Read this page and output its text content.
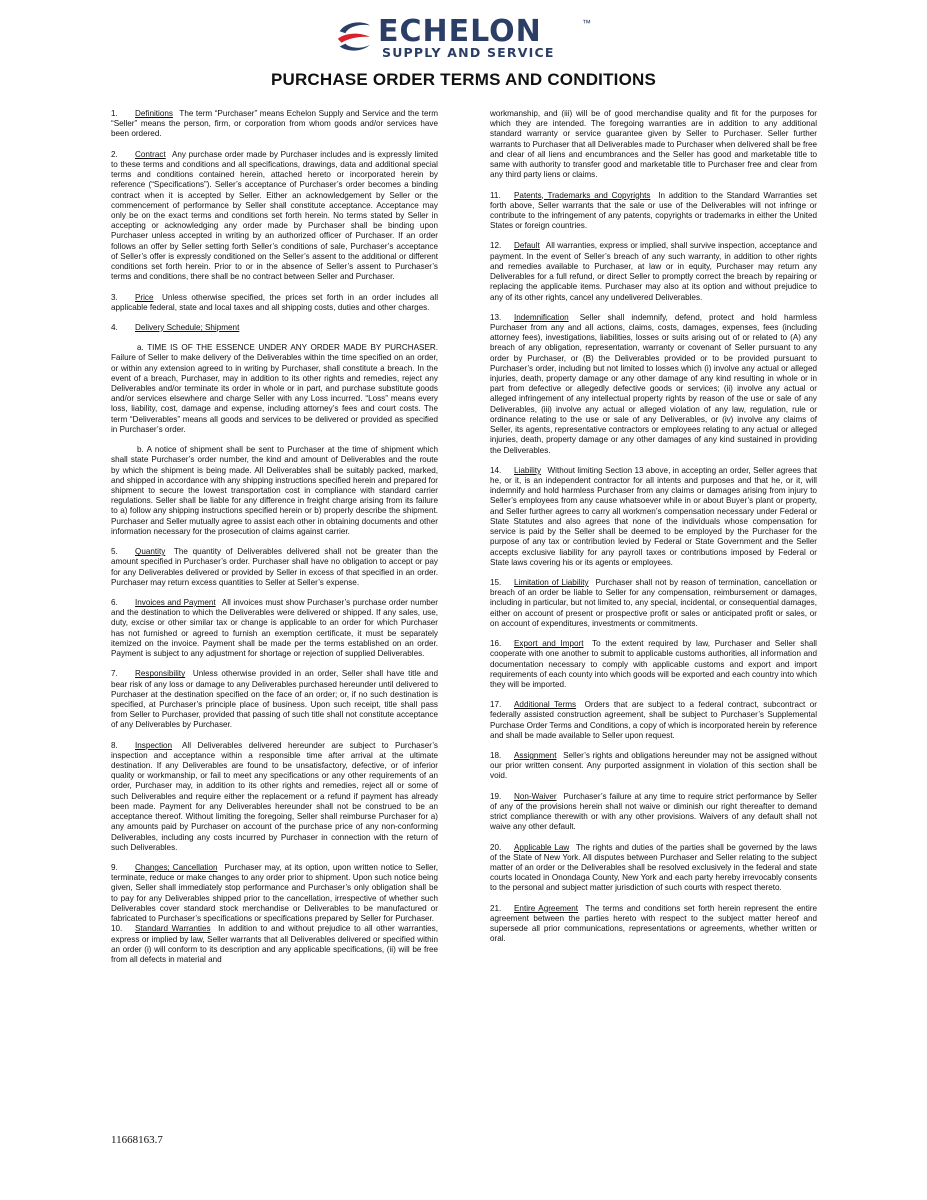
ECHELON	™
SUPPLY AND SERVICE
PURCHASE ORDER TERMS AND CONDITIONS

1. Definitions The term “Purchaser” means Echelon Supply and Service and the term “Seller” means the person, firm, or corporation from whom goods and/or services have been ordered.

2. Contract Any purchase order made by Purchaser includes and is expressly limited to these terms and conditions and all specifications, drawings, data and additional special terms and conditions contained herein, attached hereto or incorporated herein by reference (“Specifications”). Seller’s acceptance of Purchaser’s order becomes a binding contract when it is accepted by Seller. Either an acknowledgement by Seller or the commencement of performance by Seller shall constitute acceptance. Acceptance may only be on the exact terms and conditions set forth herein. No terms stated by Seller in accepting or acknowledging any order made by Purchaser shall be binding upon Purchaser unless accepted in writing by an authorized officer of Purchaser. If an order follows an offer by Seller setting forth Seller’s conditions of sale, Purchaser’s acceptance of Seller’s offer is expressly conditioned on the Seller’s assent to the additional or different conditions set forth herein. Prior to or in the absence of Seller’s assent to Purchaser’s terms and conditions, there shall be no contract between Seller and Purchaser.

3. Price Unless otherwise specified, the prices set forth in an order includes all applicable federal, state and local taxes and all shipping costs, duties and other charges.

4. Delivery Schedule; Shipment

a. TIME IS OF THE ESSENCE UNDER ANY ORDER MADE BY PURCHASER. Failure of Seller to make delivery of the Deliverables within the time specified on an order, or within any extension agreed to in writing by Purchaser, shall constitute a breach. In the event of a breach, Purchaser, may in addition to its other rights and remedies, reject any Deliverables and/or terminate its order in whole or in part, and purchase substitute goods and/or services elsewhere and charge Seller with any Loss incurred. “Loss” means every loss, liability, cost, damage and expense, including attorney’s fees and court costs. The term “Deliverables” means all goods and services to be delivered or provided as specified in Purchaser’s order.

b. A notice of shipment shall be sent to Purchaser at the time of shipment which shall state Purchaser’s order number, the kind and amount of Deliverables and the route by which the shipment is being made. All Deliverables shall be suitably packed, marked, and shipped in accordance with any shipping instructions specified herein and prepared for shipment to secure the lowest transportation cost in compliance with standard carrier regulations. Seller shall be liable for any difference in freight charge arising from its failure to a) follow any shipping instructions specified herein or b) properly describe the shipment. Purchaser and Seller mutually agree to assist each other in obtaining documents and other information necessary for the prosecution of claims against carrier.

5. Quantity The quantity of Deliverables delivered shall not be greater than the amount specified in Purchaser’s order. Purchaser shall have no obligation to accept or pay for any Deliverables delivered or provided by Seller in excess of that specified in an order. Purchaser may return excess quantities to Seller at Seller’s expense.

6. Invoices and Payment All invoices must show Purchaser’s purchase order number and the destination to which the Deliverables were delivered or shipped. If any sales, use, duty, excise or other similar tax or change is applicable to an order for which Purchaser has not furnished or agreed to furnish an exemption certificate, it must be separately itemized on the invoice. Payment shall be made per the terms established on an order. Payment is subject to any adjustment for shortage or rejection of supplied Deliverables.

7. Responsibility Unless otherwise provided in an order, Seller shall have title and bear risk of any loss or damage to any Deliverables purchased hereunder until delivered to Purchaser at the destination specified on the face of an order; or, if no such destination is specified, at Purchaser’s principle place of business. Upon such receipt, title shall pass from Seller to Purchaser, provided that passing of such title shall not constitute acceptance of any Deliverables by Purchaser.

8. Inspection All Deliverables delivered hereunder are subject to Purchaser’s inspection and acceptance within a responsible time after arrival at the ultimate destination. If any Deliverables are found to be unsatisfactory, defective, or of inferior quality or workmanship, or fail to meet any specifications or any other requirements of an order, Purchaser may, in addition to its other rights and remedies, reject all or some of such Deliverables and require either the replacement or a refund if payment has already been made. Payment for any Deliverables hereunder shall not be construed to be an acceptance thereof. Without limiting the foregoing, Seller shall reimburse Purchaser for a) any amounts paid by Purchaser on account of the purchase price of any non-conforming Deliverables, including any costs incurred by Purchaser in connection with the return of such Deliverables.

9. Changes; Cancellation Purchaser may, at its option, upon written notice to Seller, terminate, reduce or make changes to any order prior to shipment. Upon such notice being given, Seller shall immediately stop performance and Purchaser’s only obligation shall be to pay for any Deliverables shipped prior to the cancellation, irrespective of whether such Deliverables cover standard stock merchandise or Deliverables to be manufactured or fabricated to Purchaser’s specifications or specifications prepared by Seller for Purchaser.

10. Standard Warranties In addition to and without prejudice to all other warranties, express or implied by law, Seller warrants that all Deliverables delivered or specified within an order (i) will conform to its description and any applicable specifications, (ii) will be free from all defects in material and

workmanship, and (iii) will be of good merchandise quality and fit for the purposes for which they are intended. The foregoing warranties are in addition to any additional standard warranty or service guarantee given by Seller to Purchaser. Seller further warrants to Purchaser that all Deliverables made to Purchaser when delivered shall be free and clear of all liens and encumbrances and the Seller has good and marketable title to same with authority to transfer good and marketable title to Purchaser free and clear from any third party liens or claims.

11. Patents, Trademarks and Copyrights In addition to the Standard Warranties set forth above, Seller warrants that the sale or use of the Deliverables will not infringe or contribute to the infringement of any patents, copyrights or trademarks in either the United States or foreign countries.

12. Default All warranties, express or implied, shall survive inspection, acceptance and payment. In the event of Seller’s breach of any such warranty, in addition to other rights and remedies available to Purchaser, at law or in equity, Purchaser may return any Deliverables for a full refund, or direct Seller to promptly correct the breach by repairing or replacing the applicable items. Purchaser may also at its option and without prejudice to any of its other rights, cancel any undelivered Deliverables.

13. Indemnification Seller shall indemnify, defend, protect and hold harmless Purchaser from any and all actions, claims, costs, damages, expenses, fees (including attorney fees), investigations, liabilities, losses or suits arising out of or related to (A) any breach of any obligation, representation, warranty or covenant of Seller pursuant to any order by Purchaser, or (B) the Deliverables provided or to be provided pursuant to Purchaser’s order, including but not limited to losses which (i) involve any actual or alleged injuries, death, property damage or any other damage of any kind resulting in whole or in part from defective or allegedly defective goods or services; (ii) involve any actual or alleged infringement of any intellectual property rights by reason of the use or sale of any Deliverables, (iii) involve any actual or alleged violation of any law, regulation, rule or ordinance relating to the use or sale of any Deliverables, or (iv) involve any claims of Seller, its agents, representative contractors or employees relating to any actual or alleged injuries, death, property damage or any other damages of any kind sustained in providing the Deliverables.

14. Liability Without limiting Section 13 above, in accepting an order, Seller agrees that he, or it, is an independent contractor for all intents and purposes and that he, or it, will indemnify and hold harmless Purchaser from any claims or damages arising from injury to Seller’s employees from any cause whatsoever while in or about Buyer’s plant or property, and Seller further agrees to carry all workmen’s compensation necessary under Federal or State Statutes and also agrees that none of the individuals whose compensation for service is paid by the Seller shall be deemed to be employed by the Purchaser for the purpose of any tax or contribution levied by Federal or State Government and the Seller accepts exclusive liability for any payroll taxes or contributions imposed by Federal or State laws covering his or its agents or employees.

15. Limitation of Liability Purchaser shall not by reason of termination, cancellation or breach of an order be liable to Seller for any compensation, reimbursement or damages, including in particular, but not limited to, any special, incidental, or consequential damages, either on account of present or prospective profit or sales or anticipated profit or sales, or on account of expenditures, investments or commitments.

16. Export and Import To the extent required by law, Purchaser and Seller shall cooperate with one another to submit to applicable customs authorities, all information and documentation necessary to comply with applicable customs and export and import requirements of each county into which goods will be exported and each country into which they will be imported.

17. Additional Terms Orders that are subject to a federal contract, subcontract or federally assisted construction agreement, shall be subject to Purchaser’s Supplemental Purchase Order Terms and Conditions, a copy of which is incorporated herein by reference and shall be made available to Seller upon request.

18. Assignment Seller’s rights and obligations hereunder may not be assigned without our prior written consent. Any purported assignment in violation of this section shall be void.

19. Non-Waiver Purchaser’s failure at any time to require strict performance by Seller of any of the provisions herein shall not waive or diminish our right thereafter to demand strict compliance therewith or with any other provisions. Waivers of any default shall not waive any other default.

20. Applicable Law The rights and duties of the parties shall be governed by the laws of the State of New York. All disputes between Purchaser and Seller relating to the subject matter of an order or the Deliverables shall be resolved exclusively in the federal and state courts located in Onondaga County, New York and each party hereby irrevocably consents to the personal and subject matter jurisdiction of such courts with respect thereto.

21. Entire Agreement The terms and conditions set forth herein represent the entire agreement between the parties hereto with respect to the subject matter hereof and supersede all prior communications, representations or agreements, whether written or oral.

11668163.7
